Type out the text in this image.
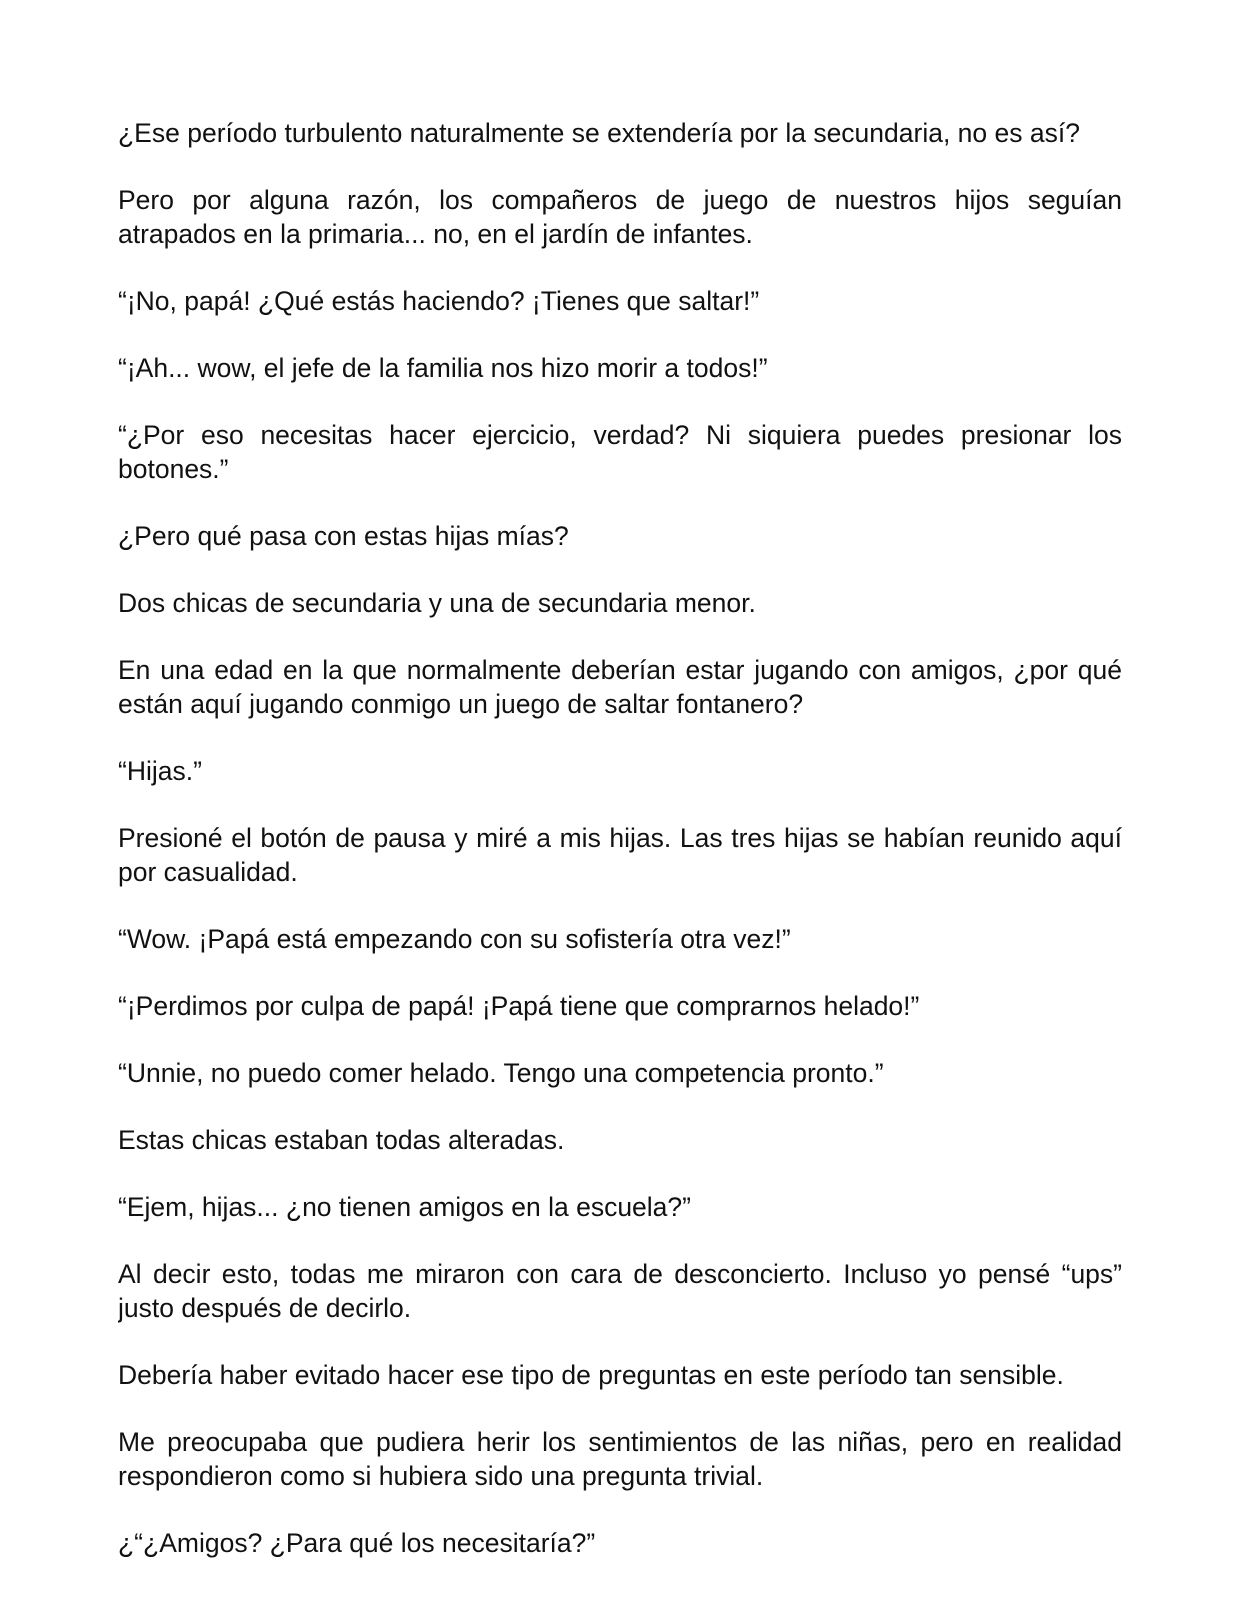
¿Ese período turbulento naturalmente se extendería por la secundaria, no es así?

Pero por alguna razón, los compañeros de juego de nuestros hijos seguían atrapados en la primaria... no, en el jardín de infantes.

“¡No, papá! ¿Qué estás haciendo? ¡Tienes que saltar!”

“¡Ah... wow, el jefe de la familia nos hizo morir a todos!”

“¿Por eso necesitas hacer ejercicio, verdad? Ni siquiera puedes presionar los botones.”

¿Pero qué pasa con estas hijas mías?

Dos chicas de secundaria y una de secundaria menor.

En una edad en la que normalmente deberían estar jugando con amigos, ¿por qué están aquí jugando conmigo un juego de saltar fontanero?

“Hijas.”

Presioné el botón de pausa y miré a mis hijas. Las tres hijas se habían reunido aquí por casualidad.

“Wow. ¡Papá está empezando con su sofistería otra vez!”

“¡Perdimos por culpa de papá! ¡Papá tiene que comprarnos helado!”

“Unnie, no puedo comer helado. Tengo una competencia pronto.”

Estas chicas estaban todas alteradas.

“Ejem, hijas... ¿no tienen amigos en la escuela?”

Al decir esto, todas me miraron con cara de desconcierto. Incluso yo pensé “ups” justo después de decirlo.

Debería haber evitado hacer ese tipo de preguntas en este período tan sensible.

Me preocupaba que pudiera herir los sentimientos de las niñas, pero en realidad respondieron como si hubiera sido una pregunta trivial.

¿“¿Amigos? ¿Para qué los necesitaría?”
